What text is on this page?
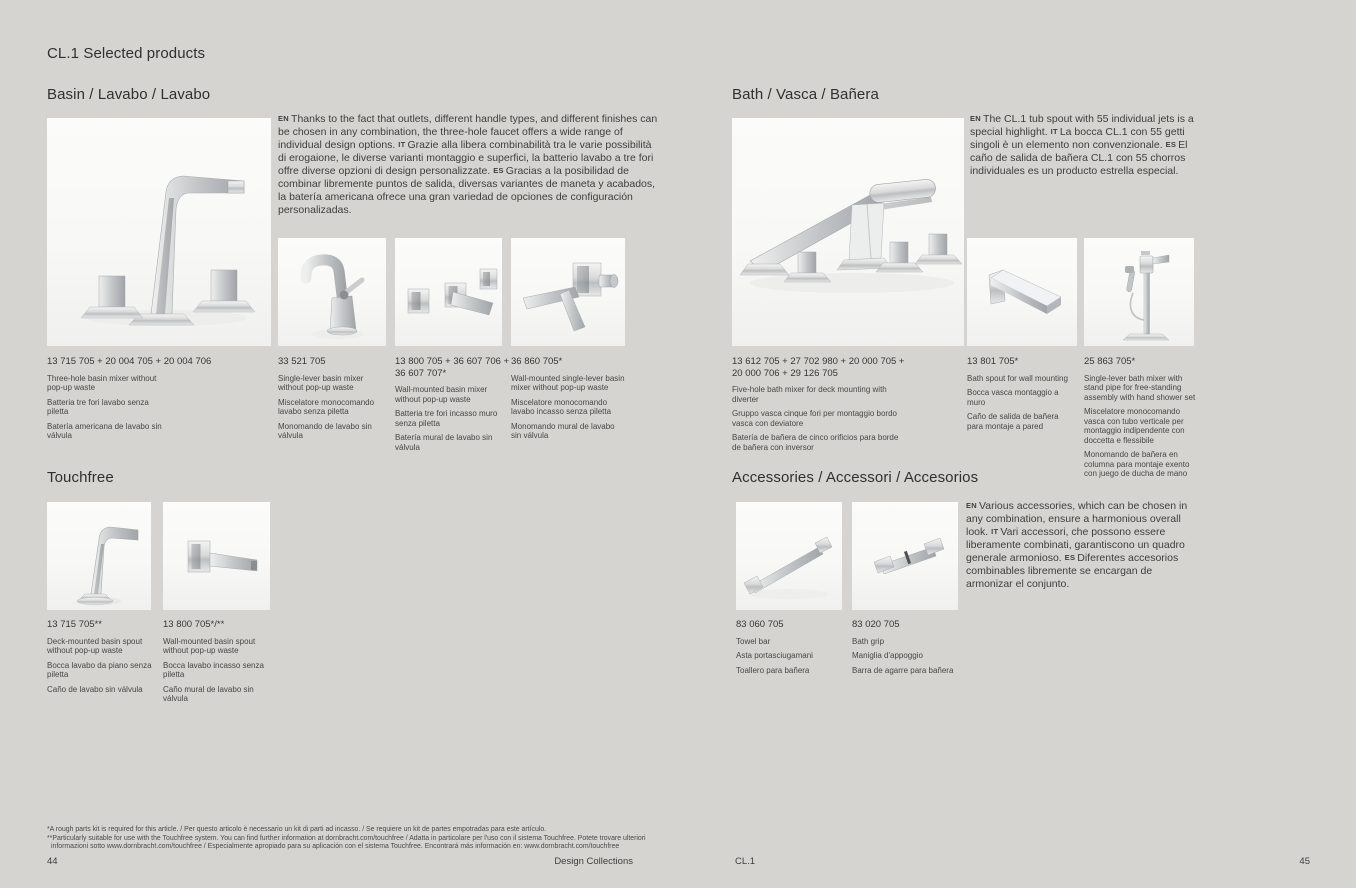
CL.1 Selected products
Basin / Lavabo / Lavabo
EN Thanks to the fact that outlets, different handle types, and different finishes can be chosen in any combination, the three-hole faucet offers a wide range of individual design options. IT Grazie alla libera combinabilità tra le varie possibilità di erogaione, le diverse varianti montaggio e superfici, la batterio lavabo a tre fori offre diverse opzioni di design personalizzate. ES Gracias a la posibilidad de combinar libremente puntos de salida, diversas variantes de maneta y acabados, la batería americana ofrece una gran variedad de opciones de configuración personalizadas.
13 715 705 + 20 004 705 + 20 004 706
Three-hole basin mixer without pop-up waste
Batteria tre fori lavabo senza piletta
Batería americana de lavabo sin válvula
33 521 705
Single-lever basin mixer without pop-up waste
Miscelatore monocomando lavabo senza piletta
Monomando de lavabo sin válvula
13 800 705 + 36 607 706 + 36 607 707*
Wall-mounted basin mixer without pop-up waste
Batteria tre fori incasso muro senza piletta
Batería mural de lavabo sin válvula
36 860 705*
Wall-mounted single-lever basin mixer without pop-up waste
Miscelatore monocomando lavabo incasso senza piletta
Monomando mural de lavabo sin válvula
Touchfree
13 715 705**
Deck-mounted basin spout without pop-up waste
Bocca lavabo da piano senza piletta
Caño de lavabo sin válvula
13 800 705*/**
Wall-mounted basin spout without pop-up waste
Bocca lavabo incasso senza piletta
Caño mural de lavabo sin válvula
Bath / Vasca / Bañera
EN The CL.1 tub spout with 55 individual jets is a special highlight. IT La bocca CL.1 con 55 getti singoli è un elemento non convenzionale. ES El caño de salida de bañera CL.1 con 55 chorros individuales es un producto estrella especial.
13 612 705 + 27 702 980 + 20 000 705 + 20 000 706 + 29 126 705
Five-hole bath mixer for deck mounting with diverter
Gruppo vasca cinque fori per montaggio bordo vasca con deviatore
Batería de bañera de cinco orificios para borde de bañera con inversor
13 801 705*
Bath spout for wall mounting
Bocca vasca montaggio a muro
Caño de salida de bañera para montaje a pared
25 863 705*
Single-lever bath mixer with stand pipe for free-standing assembly with hand shower set
Miscelatore monocomando vasca con tubo verticale per montaggio indipendente con doccetta e flessibile
Monomando de bañera en columna para montaje exento con juego de ducha de mano
Accessories / Accessori / Accesorios
EN Various accessories, which can be chosen in any combination, ensure a harmonious overall look. IT Vari accessori, che possono essere liberamente combinati, garantiscono un quadro generale armonioso. ES Diferentes accesorios combinables libremente se encargan de armonizar el conjunto.
83 060 705
Towel bar
Asta portasciugamani
Toallero para bañera
83 020 705
Bath grip
Maniglia d'appoggio
Barra de agarre para bañera
*A rough parts kit is required for this article. / Per questo articolo è necessario un kit di parti ad incasso. / Se requiere un kit de partes empotradas para este artículo.
**Particularly suitable for use with the Touchfree system. You can find further information at dornbracht.com/touchfree / Adatta in particolare per l'uso con il sistema Touchfree. Potete trovare ulteriori
informazioni sotto www.dornbracht.com/touchfree / Especialmente apropiado para su aplicación con el sistema Touchfree. Encontrará más información en: www.dornbracht.com/touchfree
44	Design Collections	CL.1	45
